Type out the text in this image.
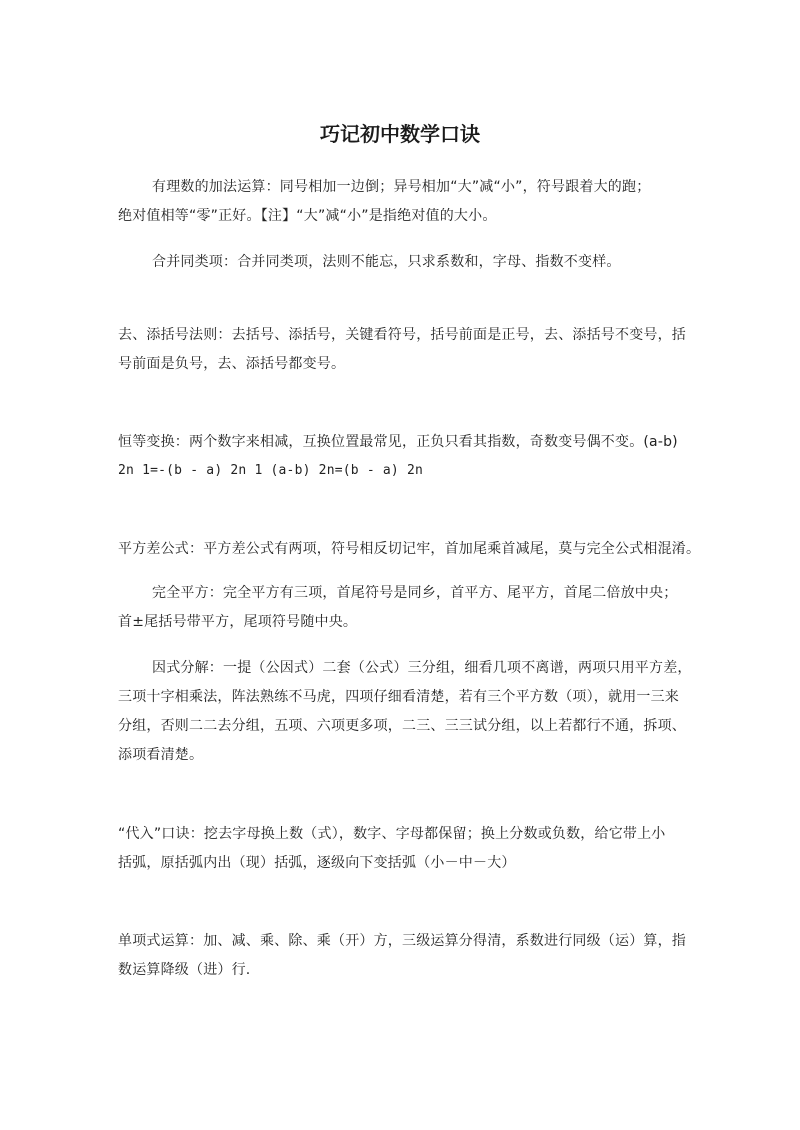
巧记初中数学口诀

有理数的加法运算：同号相加一边倒；异号相加“大”减“小”，符号跟着大的跑；

绝对值相等“零”正好。【注】“大”减“小”是指绝对值的大小。

合并同类项：合并同类项，法则不能忘，只求系数和，字母、指数不变样。

去、添括号法则：去括号、添括号，关键看符号，括号前面是正号，去、添括号不变号，括

号前面是负号，去、添括号都变号。

恒等变换：两个数字来相减，互换位置最常见，正负只看其指数，奇数变号偶不变。(a-b)

2n 1=-(b - a) 2n 1 (a-b) 2n=(b - a) 2n

平方差公式：平方差公式有两项，符号相反切记牢，首加尾乘首减尾，莫与完全公式相混淆。

完全平方：完全平方有三项，首尾符号是同乡，首平方、尾平方，首尾二倍放中央；

首±尾括号带平方，尾项符号随中央。

因式分解：一提（公因式）二套（公式）三分组，细看几项不离谱，两项只用平方差，

三项十字相乘法，阵法熟练不马虎，四项仔细看清楚，若有三个平方数（项），就用一三来

分组，否则二二去分组，五项、六项更多项，二三、三三试分组，以上若都行不通，拆项、

添项看清楚。

“代入”口诀：挖去字母换上数（式），数字、字母都保留；换上分数或负数，给它带上小

括弧，原括弧内出（现）括弧，逐级向下变括弧（小－中－大）

单项式运算：加、减、乘、除、乘（开）方，三级运算分得清，系数进行同级（运）算，指

数运算降级（进）行.
